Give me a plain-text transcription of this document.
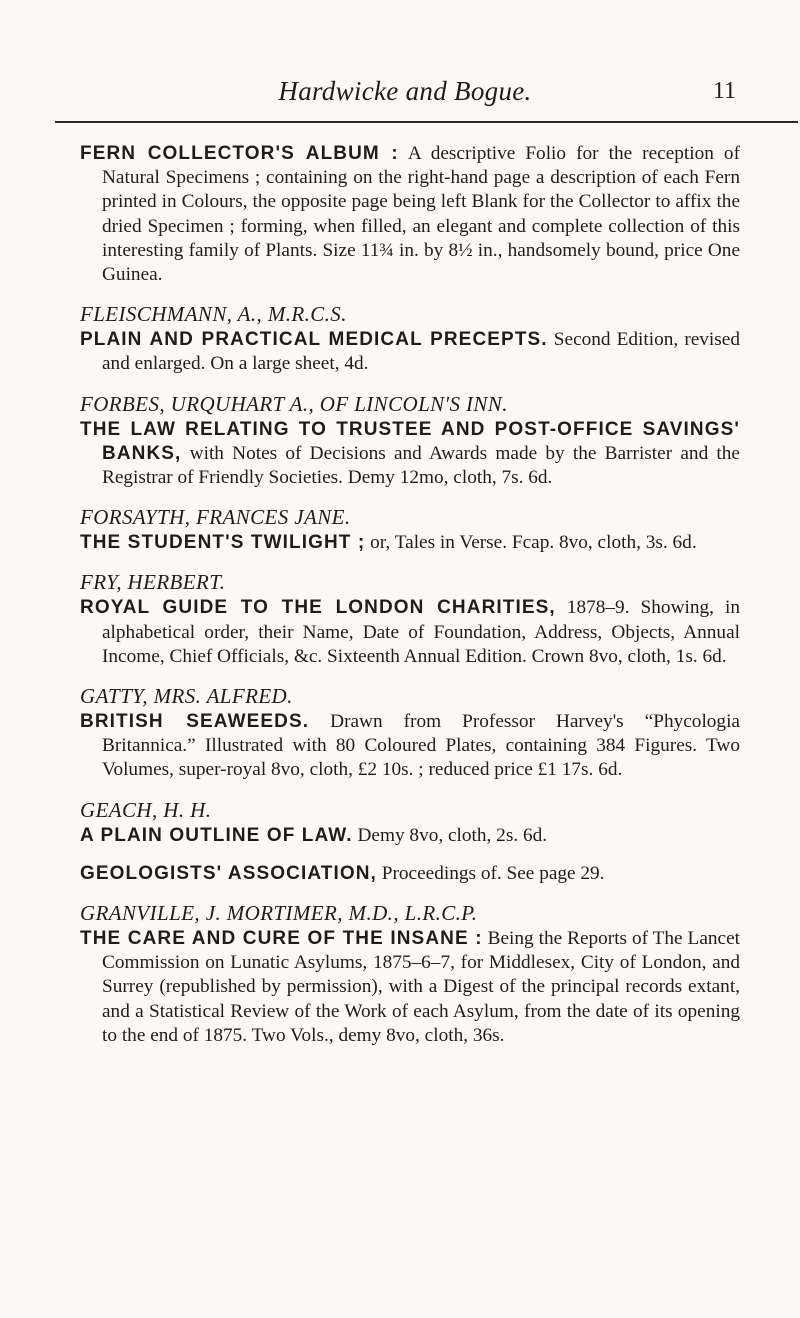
Hardwicke and Bogue.	11
FERN COLLECTOR'S ALBUM : A descriptive Folio for the reception of Natural Specimens ; containing on the right-hand page a description of each Fern printed in Colours, the opposite page being left Blank for the Collector to affix the dried Specimen ; forming, when filled, an elegant and complete collection of this interesting family of Plants. Size 11¾ in. by 8½ in., handsomely bound, price One Guinea.
FLEISCHMANN, A., M.R.C.S.
PLAIN AND PRACTICAL MEDICAL PRECEPTS. Second Edition, revised and enlarged. On a large sheet, 4d.
FORBES, URQUHART A., OF LINCOLN'S INN.
THE LAW RELATING TO TRUSTEE AND POST-OFFICE SAVINGS' BANKS, with Notes of Decisions and Awards made by the Barrister and the Registrar of Friendly Societies. Demy 12mo, cloth, 7s. 6d.
FORSAYTH, FRANCES JANE.
THE STUDENT'S TWILIGHT ; or, Tales in Verse. Fcap. 8vo, cloth, 3s. 6d.
FRY, HERBERT.
ROYAL GUIDE TO THE LONDON CHARITIES, 1878–9. Showing, in alphabetical order, their Name, Date of Foundation, Address, Objects, Annual Income, Chief Officials, &c. Sixteenth Annual Edition. Crown 8vo, cloth, 1s. 6d.
GATTY, MRS. ALFRED.
BRITISH SEAWEEDS. Drawn from Professor Harvey's “Phycologia Britannica.” Illustrated with 80 Coloured Plates, containing 384 Figures. Two Volumes, super-royal 8vo, cloth, £2 10s. ; reduced price £1 17s. 6d.
GEACH, H. H.
A PLAIN OUTLINE OF LAW. Demy 8vo, cloth, 2s. 6d.
GEOLOGISTS' ASSOCIATION, Proceedings of. See page 29.
GRANVILLE, J. MORTIMER, M.D., L.R.C.P.
THE CARE AND CURE OF THE INSANE : Being the Reports of The Lancet Commission on Lunatic Asylums, 1875–6–7, for Middlesex, City of London, and Surrey (republished by permission), with a Digest of the principal records extant, and a Statistical Review of the Work of each Asylum, from the date of its opening to the end of 1875. Two Vols., demy 8vo, cloth, 36s.
